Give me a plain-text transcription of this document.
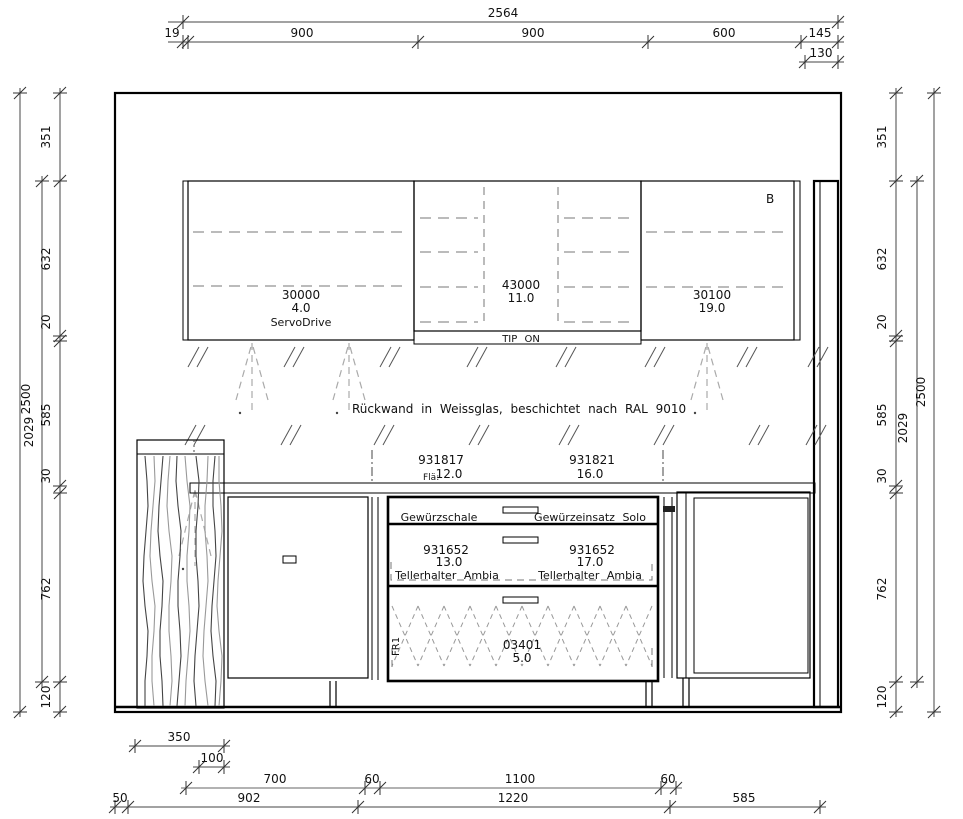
30000
4.0
ServoDrive
43000
11.0
TIP ON
30100
19.0
B
Rückwand in Weissglas, beschichtet nach RAL 9010
931817
12.0
Flä:
931821
16.0
Gewürzschale	Gewürzeinsatz Solo
931652
13.0
Tellerhalter Ambia
931652
17.0
Tellerhalter Ambia
FR1	03401
5.0
2564
19	900	900	600	145
130
2500
2029
351
632
20
585
30
762
120
2500
2029
351
632
20
585
30
762
120
350
100
700	60	1100	60
50	902	1220	585
